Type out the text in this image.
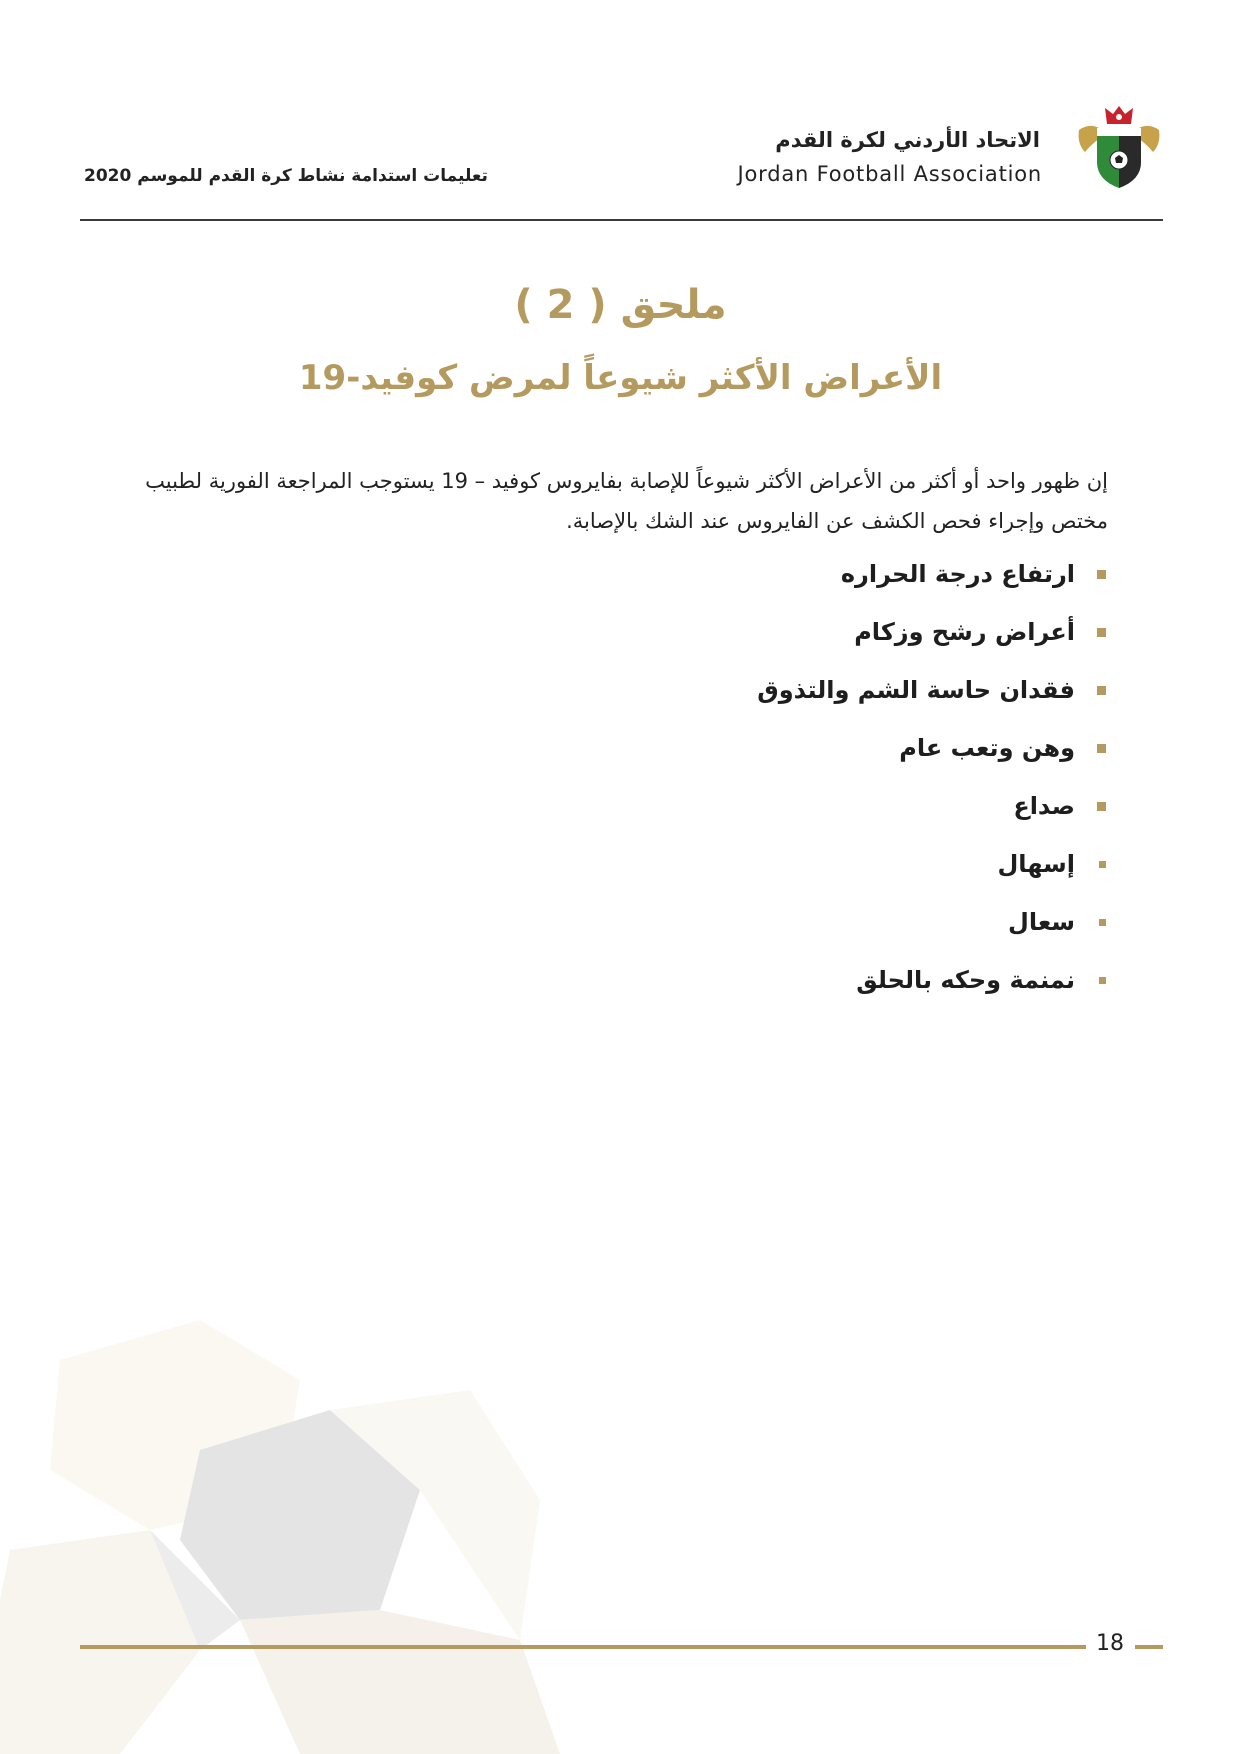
الاتحاد الأردني لكرة القدم
Jordan Football Association
تعليمات استدامة نشاط كرة القدم للموسم 2020
ملحق ( 2 )
الأعراض الأكثر شيوعاً لمرض كوفيد-19

إن ظهور واحد أو أكثر من الأعراض الأكثر شيوعاً للإصابة بفايروس كوفيد – 19 يستوجب المراجعة الفورية لطبيب مختص وإجراء فحص الكشف عن الفايروس عند الشك بالإصابة.

ارتفاع درجة الحراره
أعراض رشح وزكام
فقدان حاسة الشم والتذوق
وهن وتعب عام
صداع
إسهال
سعال
نمنمة وحكه بالحلق
18
